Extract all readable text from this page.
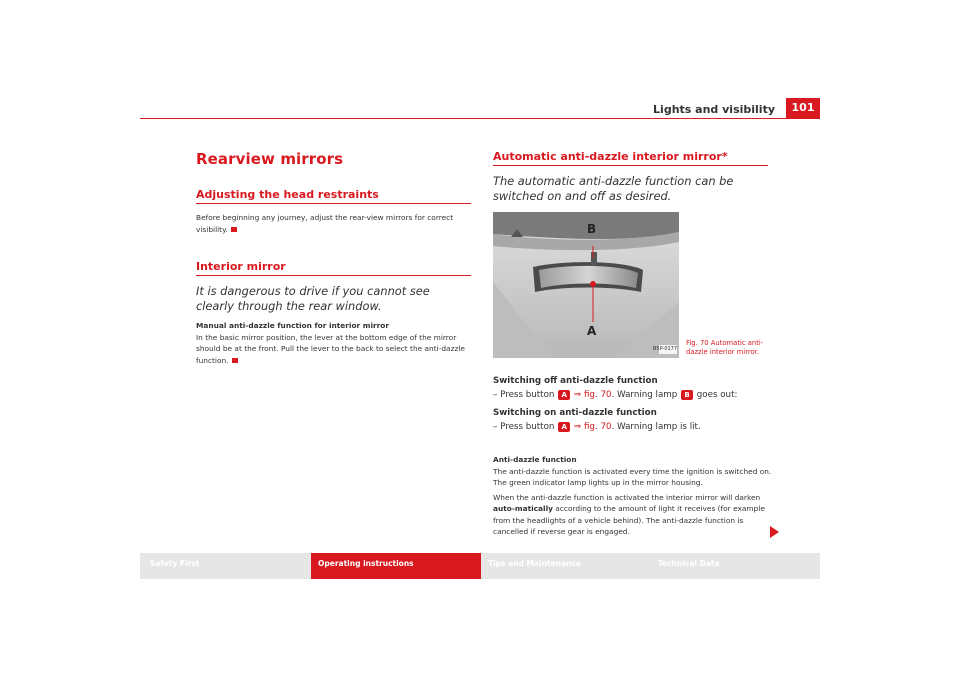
Lights and visibility	101
Rearview mirrors
Adjusting the head restraints

Before beginning any journey, adjust the rear-view mirrors for correct visibility.

Interior mirror
It is dangerous to drive if you cannot see clearly through the rear window.
Manual anti-dazzle function for interior mirror

In the basic mirror position, the lever at the bottom edge of the mirror should be at the front. Pull the lever to the back to select the anti-dazzle function.

Automatic anti-dazzle interior mirror*
The automatic anti-dazzle function can be switched on and off as desired.
B
A
B5P-0177
Fig. 70 Automatic anti-dazzle interior mirror.
Switching off anti-dazzle function

– Press button A ⇒ fig. 70. Warning lamp B goes out:

Switching on anti-dazzle function

– Press button A ⇒ fig. 70. Warning lamp is lit.

Anti-dazzle function

The anti-dazzle function is activated every time the ignition is switched on. The green indicator lamp lights up in the mirror housing.

When the anti-dazzle function is activated the interior mirror will darken auto-matically according to the amount of light it receives (for example from the headlights of a vehicle behind). The anti-dazzle function is cancelled if reverse gear is engaged.

Safety First	Operating instructions	Tips and Maintenance	Technical Data
